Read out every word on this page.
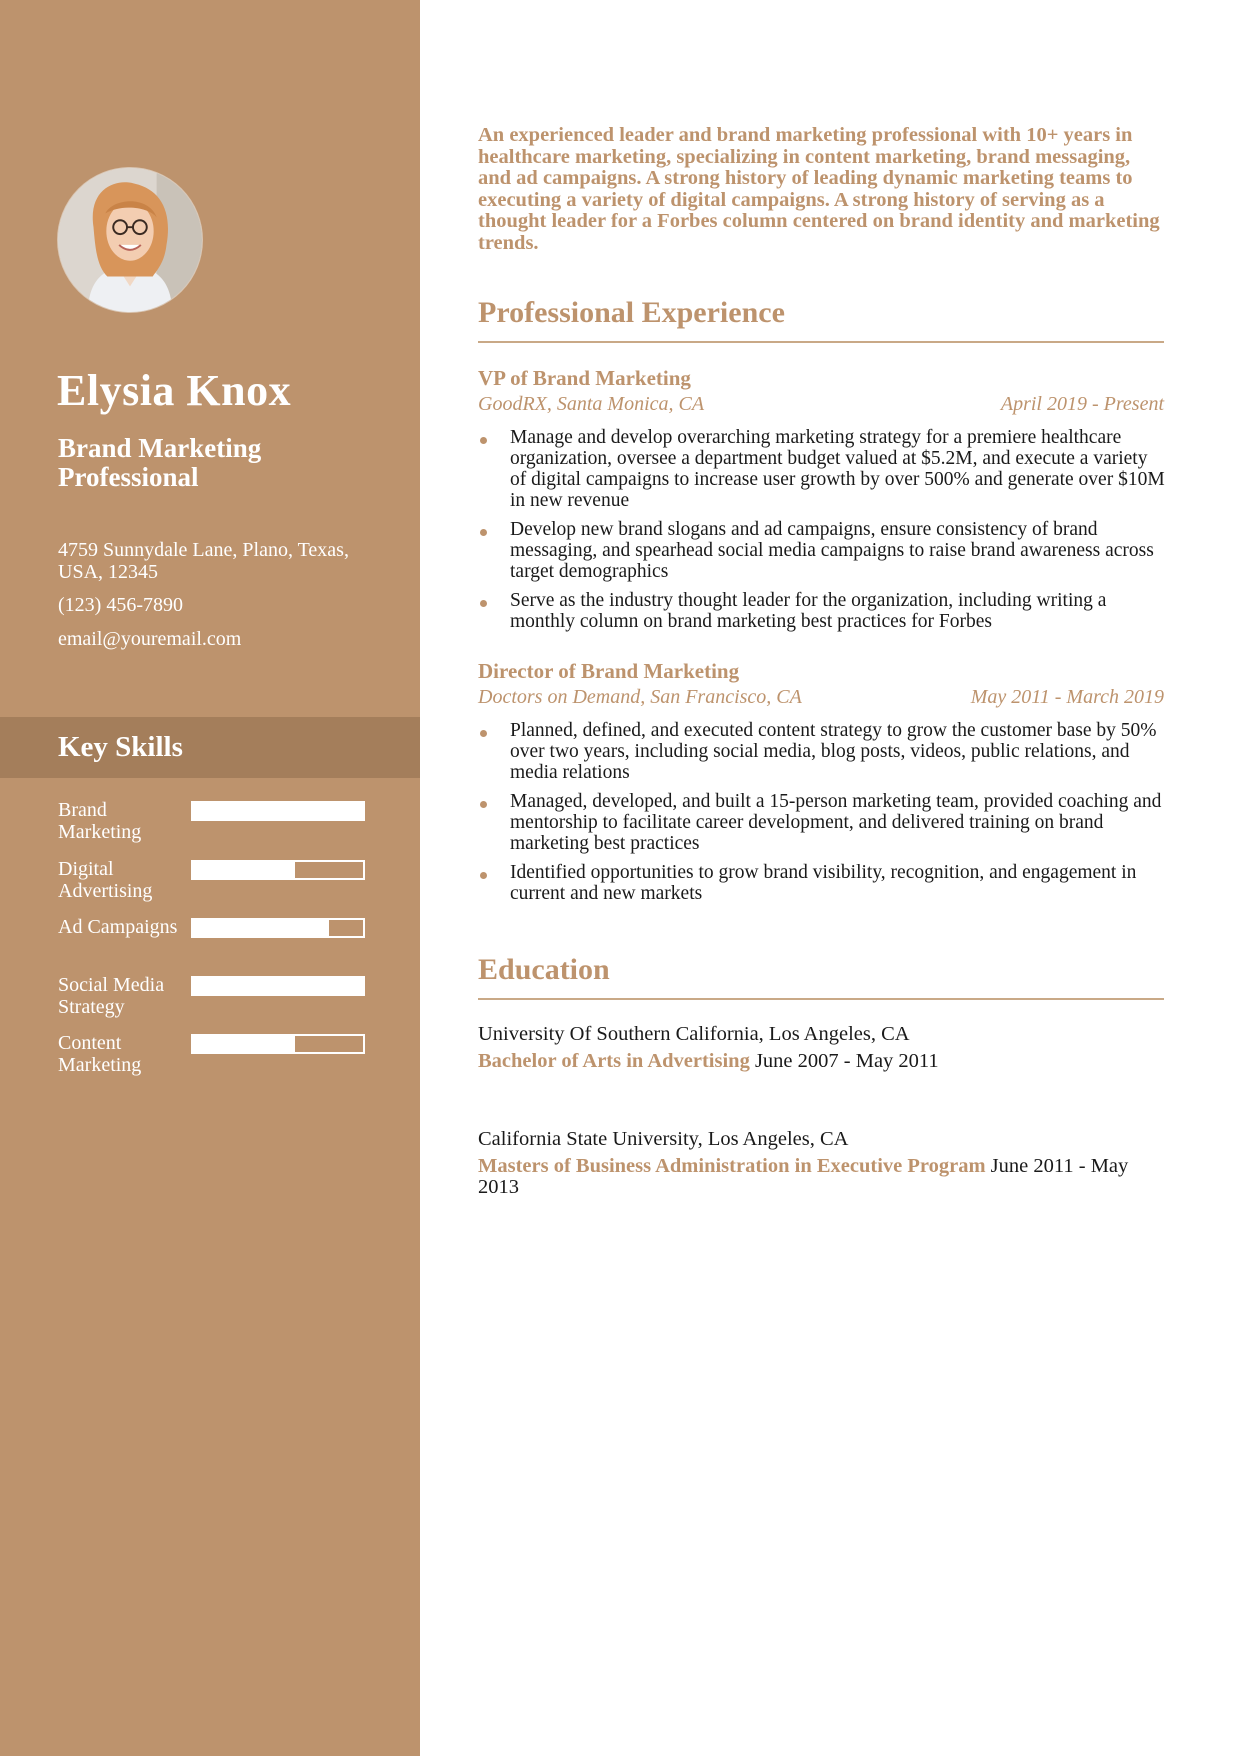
Elysia Knox
Brand Marketing Professional
4759 Sunnydale Lane, Plano, Texas, USA, 12345
(123) 456-7890
email@youremail.com
Key Skills
Brand Marketing
Digital Advertising
Ad Campaigns
Social Media Strategy
Content Marketing
An experienced leader and brand marketing professional with 10+ years in healthcare marketing, specializing in content marketing, brand messaging, and ad campaigns. A strong history of leading dynamic marketing teams to executing a variety of digital campaigns. A strong history of serving as a thought leader for a Forbes column centered on brand identity and marketing trends.
Professional Experience
VP of Brand Marketing
GoodRX, Santa Monica, CA	April 2019 - Present
Manage and develop overarching marketing strategy for a premiere healthcare organization, oversee a department budget valued at $5.2M, and execute a variety of digital campaigns to increase user growth by over 500% and generate over $10M in new revenue
Develop new brand slogans and ad campaigns, ensure consistency of brand messaging, and spearhead social media campaigns to raise brand awareness across target demographics
Serve as the industry thought leader for the organization, including writing a monthly column on brand marketing best practices for Forbes
Director of Brand Marketing
Doctors on Demand, San Francisco, CA	May 2011 - March 2019
Planned, defined, and executed content strategy to grow the customer base by 50% over two years, including social media, blog posts, videos, public relations, and media relations
Managed, developed, and built a 15-person marketing team, provided coaching and mentorship to facilitate career development, and delivered training on brand marketing best practices
Identified opportunities to grow brand visibility, recognition, and engagement in current and new markets
Education
University Of Southern California, Los Angeles, CA
Bachelor of Arts in Advertising June 2007 - May 2011
California State University, Los Angeles, CA
Masters of Business Administration in Executive Program June 2011 - May 2013
